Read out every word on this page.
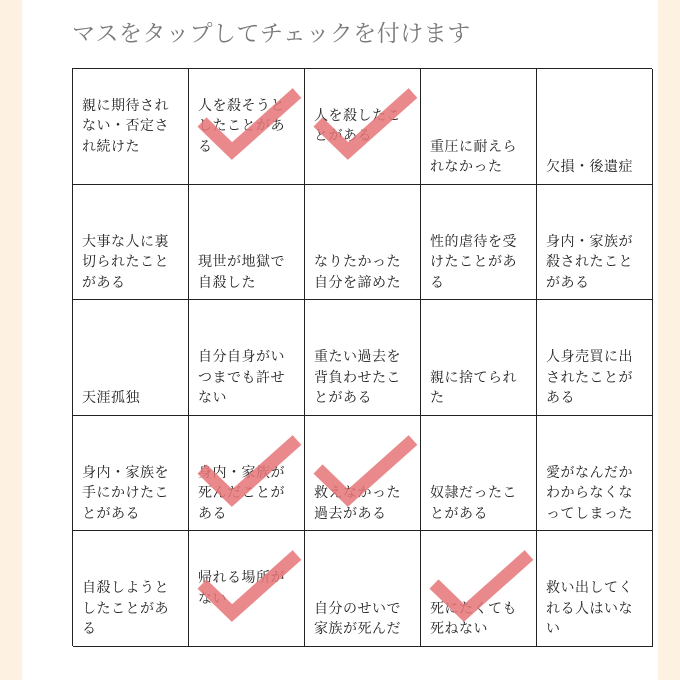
マスをタップしてチェックを付けます
親に期待されない・否定され続けた
人を殺そうとしたことがある
人を殺したことがある
重圧に耐えられなかった	欠損・後遺症
大事な人に裏切られたことがある
現世が地獄で自殺した
なりたかった自分を諦めた
性的虐待を受けたことがある
身内・家族が殺されたことがある
天涯孤独
自分自身がいつまでも許せない
重たい過去を背負わせたことがある
親に捨てられた
人身売買に出されたことがある
身内・家族を手にかけたことがある
身内・家族が死んだことがある
救えなかった過去がある
奴隷だったことがある
愛がなんだかわからなくなってしまった
自殺しようとしたことがある
帰れる場所がない
自分のせいで家族が死んだ
死にたくても死ねない
救い出してくれる人はいない
